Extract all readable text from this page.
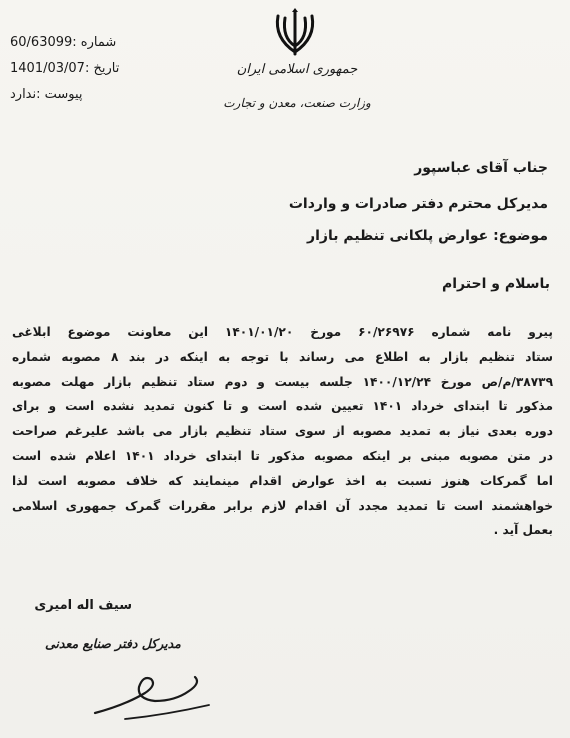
شماره :60/63099
تاریخ :1401/03/07
پیوست :ندارد
جمهوری اسلامی ایران
وزارت صنعت، معدن و تجارت
جناب آقای عباسپور
مدیرکل محترم دفتر صادرات و واردات
موضوع: عوارض پلکانی تنظیم بازار
باسلام و احترام
پیرو نامه شماره ۶۰/۲۶۹۷۶ مورخ ۱۴۰۱/۰۱/۲۰ این معاونت موضوع ابلاغی
ستاد تنظیم بازار به اطلاع می رساند با توجه به اینکه در بند ۸ مصوبه شماره
۳۸۷۳۹/م/ص مورخ ۱۴۰۰/۱۲/۲۴ جلسه بیست و دوم ستاد تنظیم بازار مهلت مصوبه
مذکور تا ابتدای خرداد ۱۴۰۱ تعیین شده است و تا کنون تمدید نشده است و برای
دوره بعدی نیاز به تمدید مصوبه از سوی ستاد تنظیم بازار می باشد علیرغم صراحت
در متن مصوبه مبنی بر اینکه مصوبه مذکور تا ابتدای خرداد ۱۴۰۱ اعلام شده است
اما گمرکات هنوز نسبت به اخذ عوارض اقدام مینمایند که خلاف مصوبه است لذا
خواهشمند است تا تمدید مجدد آن اقدام لازم برابر مقررات گمرک جمهوری اسلامی
بعمل آید .
سیف اله امیری
مدیرکل دفتر صنایع معدنی
